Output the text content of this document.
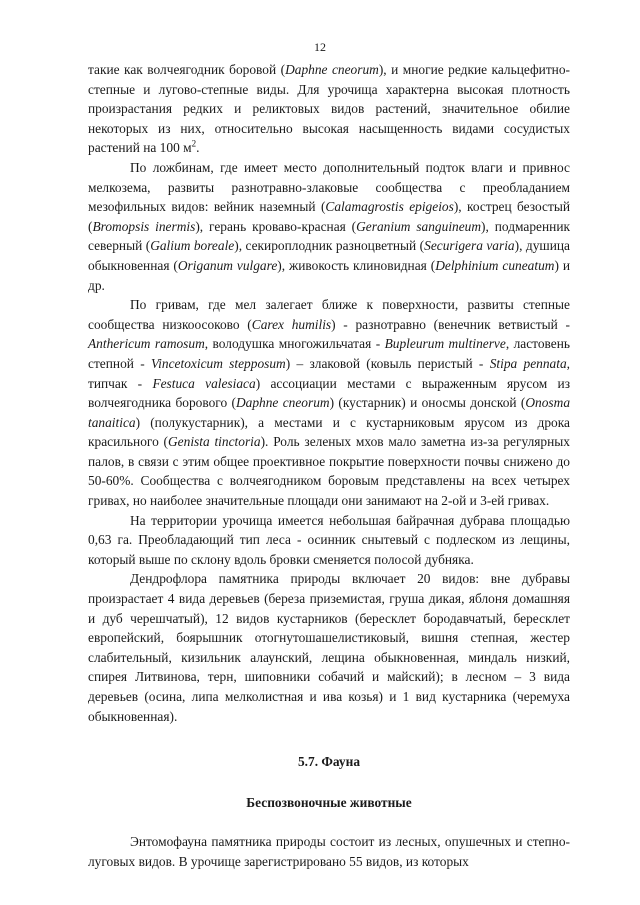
12

такие как волчеягодник боровой (Daphne cneorum), и многие редкие кальцефитно-степные и лугово-степные виды. Для урочища характерна высокая плотность произрастания редких и реликтовых видов растений, значительное обилие некоторых из них, относительно высокая насыщенность видами сосудистых растений на 100 $м^2$.

По ложбинам, где имеет место дополнительный подток влаги и привнос мелкозема, развиты разнотравно-злаковые сообщества с преобладанием мезофильных видов: вейник наземный (Calamagrostis epigeios), кострец безостый (Bromopsis inermis), герань кроваво-красная (Geranium sanguineum), подмаренник северный (Galium boreale), секироплодник разноцветный (Securigera varia), душица обыкновенная (Origanum vulgare), живокость клиновидная (Delphinium cuneatum) и др.

По гривам, где мел залегает ближе к поверхности, развиты степные сообщества низкоосоково (Carex humilis) - разнотравно (венечник ветвистый - Anthericum ramosum, володушка многожильчатая - Bupleurum multinerve, ластовень степной - Vincetoxicum stepposum) – злаковой (ковыль перистый - Stipa pennata, типчак - Festuca valesiaca) ассоциации местами с выраженным ярусом из волчеягодника борового (Daphne cneorum) (кустарник) и оносмы донской (Onosma tanaitica) (полукустарник), а местами и с кустарниковым ярусом из дрока красильного (Genista tinctoria). Роль зеленых мхов мало заметна из-за регулярных палов, в связи с этим общее проективное покрытие поверхности почвы снижено до 50-60%. Сообщества с волчеягодником боровым представлены на всех четырех гривах, но наиболее значительные площади они занимают на 2-ой и 3-ей гривах.

На территории урочища имеется небольшая байрачная дубрава площадью 0,63 га. Преобладающий тип леса - осинник снытевый с подлеском из лещины, который выше по склону вдоль бровки сменяется полосой дубняка.

Дендрофлора памятника природы включает 20 видов: вне дубравы произрастает 4 вида деревьев (береза приземистая, груша дикая, яблоня домашняя и дуб черешчатый), 12 видов кустарников (бересклет бородавчатый, бересклет европейский, боярышник отогнутошашелистиковый, вишня степная, жестер слабительный, кизильник алаунский, лещина обыкновенная, миндаль низкий, спирея Литвинова, терн, шиповники собачий и майский); в лесном – 3 вида деревьев (осина, липа мелколистная и ива козья) и 1 вид кустарника (черемуха обыкновенная).

5.7. Фауна

Беспозвоночные животные

Энтомофауна памятника природы состоит из лесных, опушечных и степно-луговых видов. В урочище зарегистрировано 55 видов, из которых
